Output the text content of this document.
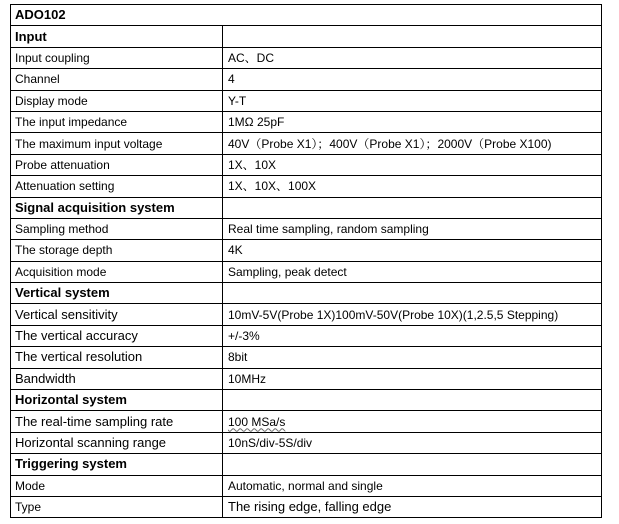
ADO102	
Input	
Input coupling	AC、DC
Channel	4
Display mode	Y-T
The input impedance	1MΩ 25pF
The maximum input voltage	40V（Probe X1）；400V（Probe X1）；2000V（Probe X100)
Probe attenuation	1X、10X
Attenuation setting	1X、10X、100X
Signal acquisition system	
Sampling method	Real time sampling, random sampling
The storage depth	4K
Acquisition mode	Sampling, peak detect
Vertical system	
Vertical sensitivity	10mV-5V(Probe 1X)100mV-50V(Probe 10X)(1,2.5,5 Stepping)
The vertical accuracy	+/-3%
The vertical resolution	8bit
Bandwidth	10MHz
Horizontal system	
The real-time sampling rate	100 MSa/s
Horizontal scanning range	10nS/div-5S/div
Triggering system	
Mode	Automatic, normal and single
Type	The rising edge, falling edge
